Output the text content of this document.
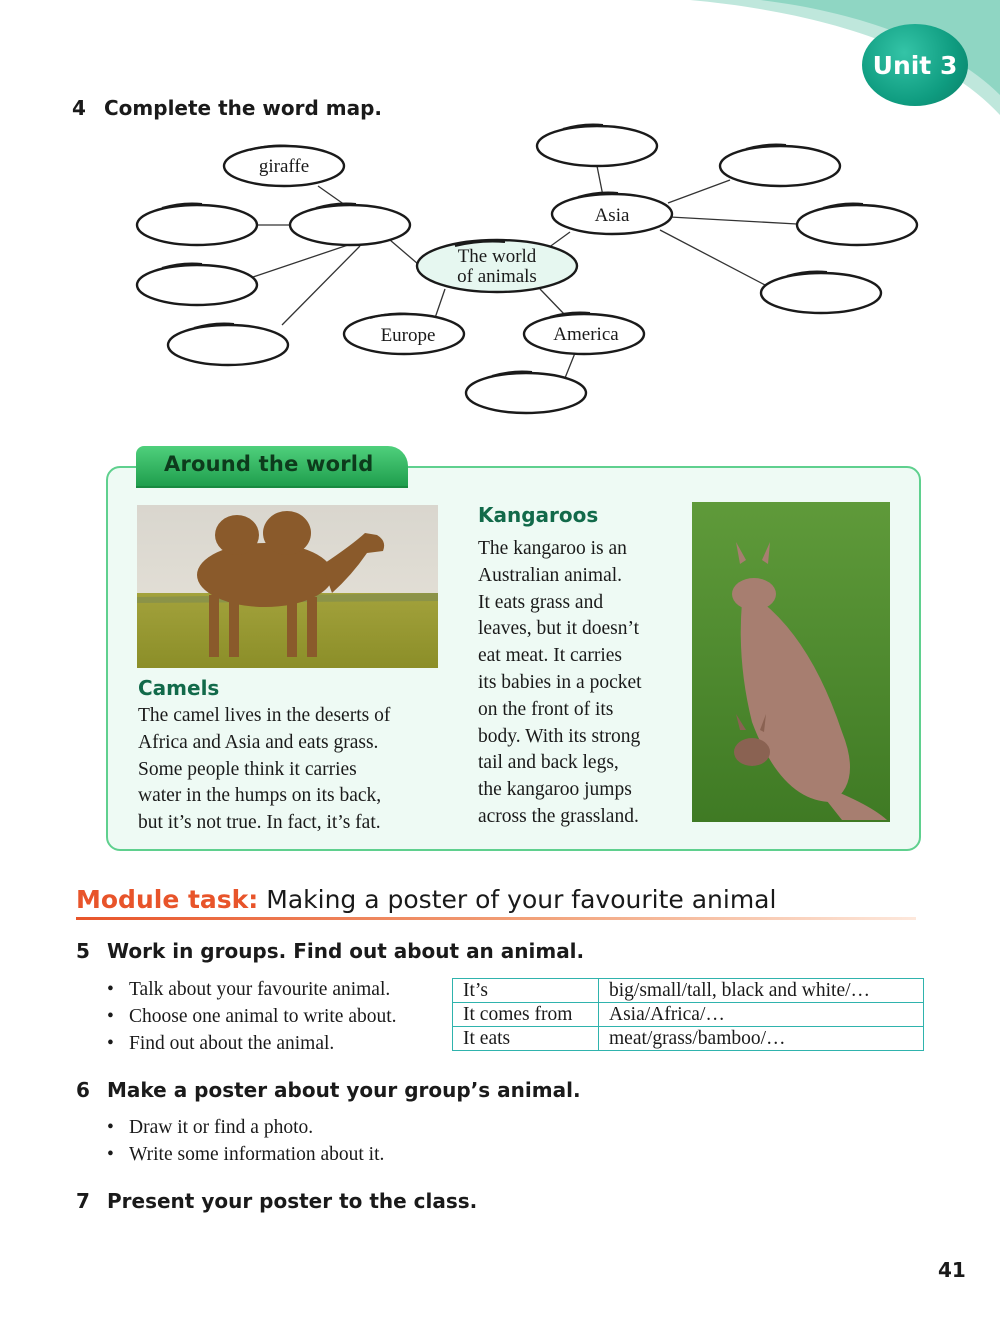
Unit 3
4 Complete the word map.
giraffe
Asia
Europe	America
The world
of animals
Around the world
Camels
The camel lives in the deserts of
Africa and Asia and eats grass.
Some people think it carries
water in the humps on its back,
but it’s not true. In fact, it’s fat.
Kangaroos
The kangaroo is an
Australian animal.
It eats grass and
leaves, but it doesn’t
eat meat. It carries
its babies in a pocket
on the front of its
body. With its strong
tail and back legs,
the kangaroo jumps
across the grassland.
Module task: Making a poster of your favourite animal
5 Work in groups. Find out about an animal.
• Talk about your favourite animal.
• Choose one animal to write about.
• Find out about the animal.
It’s	big/small/tall, black and white/…
It comes from	Asia/Africa/…
It eats	meat/grass/bamboo/…
6 Make a poster about your group’s animal.
• Draw it or find a photo.
• Write some information about it.
7 Present your poster to the class.
41
